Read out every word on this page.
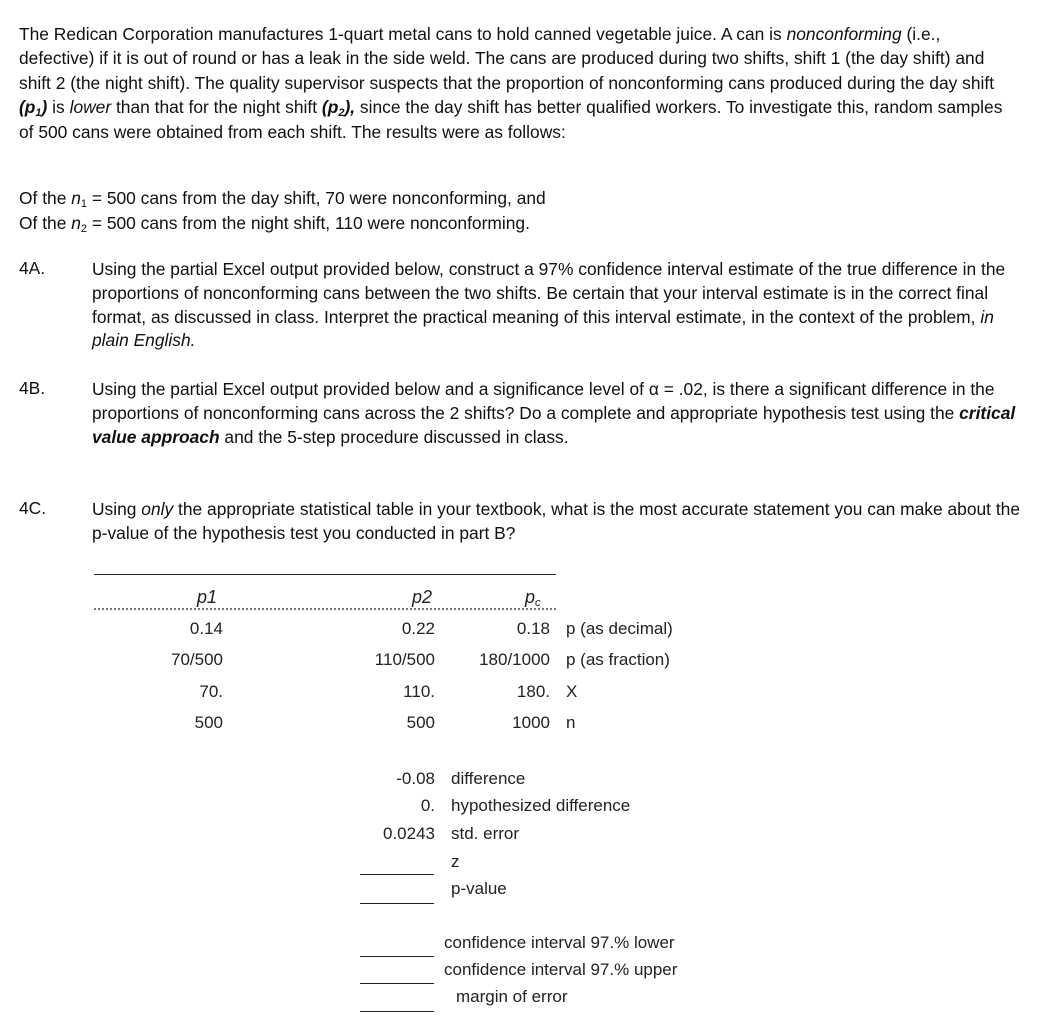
The Redican Corporation manufactures 1-quart metal cans to hold canned vegetable juice. A can is nonconforming (i.e., defective) if it is out of round or has a leak in the side weld. The cans are produced during two shifts, shift 1 (the day shift) and shift 2 (the night shift). The quality supervisor suspects that the proportion of nonconforming cans produced during the day shift $(p_1)$ is lower than that for the night shift $(p_2)$, since the day shift has better qualified workers. To investigate this, random samples of 500 cans were obtained from each shift. The results were as follows:

Of the $n_1 = 500$ cans from the day shift, 70 were nonconforming, and
Of the $n_2 = 500$ cans from the night shift, 110 were nonconforming.
4A.	Using the partial Excel output provided below, construct a 97% confidence interval estimate of the true difference in the proportions of nonconforming cans between the two shifts. Be certain that your interval estimate is in the correct final format, as discussed in class. Interpret the practical meaning of this interval estimate, in the context of the problem, in plain English.

4B.	Using the partial Excel output provided below and a significance level of α = .02, is there a significant difference in the proportions of nonconforming cans across the 2 shifts? Do a complete and appropriate hypothesis test using the critical value approach and the 5-step procedure discussed in class.

4C.	Using only the appropriate statistical table in your textbook, what is the most accurate statement you can make about the p-value of the hypothesis test you conducted in part B?

p1	p2	$p_c$
0.14	0.22	0.18 p (as decimal)
70/500	110/500	180/1000 p (as fraction)
70.	110.	180. X
500	500	1000 n
-0.08 difference
0. hypothesized difference
0.0243 std. error
z
p-value
confidence interval 97.% lower
confidence interval 97.% upper
margin of error
